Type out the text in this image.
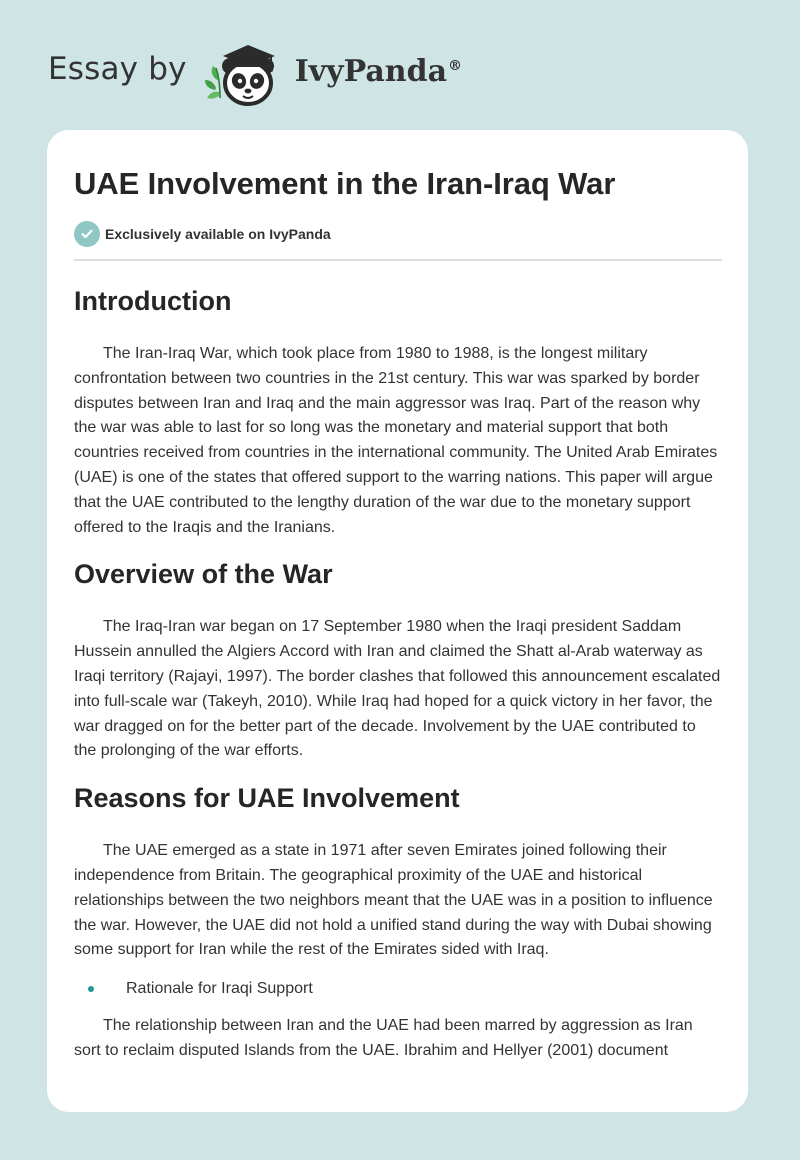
Essay by	IvyPanda®
UAE Involvement in the Iran-Iraq War
Exclusively available on IvyPanda
Introduction

The Iran-Iraq War, which took place from 1980 to 1988, is the longest military confrontation between two countries in the 21st century. This war was sparked by border disputes between Iran and Iraq and the main aggressor was Iraq. Part of the reason why the war was able to last for so long was the monetary and material support that both countries received from countries in the international community. The United Arab Emirates (UAE) is one of the states that offered support to the warring nations. This paper will argue that the UAE contributed to the lengthy duration of the war due to the monetary support offered to the Iraqis and the Iranians.

Overview of the War

The Iraq-Iran war began on 17 September 1980 when the Iraqi president Saddam Hussein annulled the Algiers Accord with Iran and claimed the Shatt al-Arab waterway as Iraqi territory (Rajayi, 1997). The border clashes that followed this announcement escalated into full-scale war (Takeyh, 2010). While Iraq had hoped for a quick victory in her favor, the war dragged on for the better part of the decade. Involvement by the UAE contributed to the prolonging of the war efforts.

Reasons for UAE Involvement

The UAE emerged as a state in 1971 after seven Emirates joined following their independence from Britain. The geographical proximity of the UAE and historical relationships between the two neighbors meant that the UAE was in a position to influence the war. However, the UAE did not hold a unified stand during the way with Dubai showing some support for Iran while the rest of the Emirates sided with Iraq.

Rationale for Iraqi Support

The relationship between Iran and the UAE had been marred by aggression as Iran sort to reclaim disputed Islands from the UAE. Ibrahim and Hellyer (2001) document
